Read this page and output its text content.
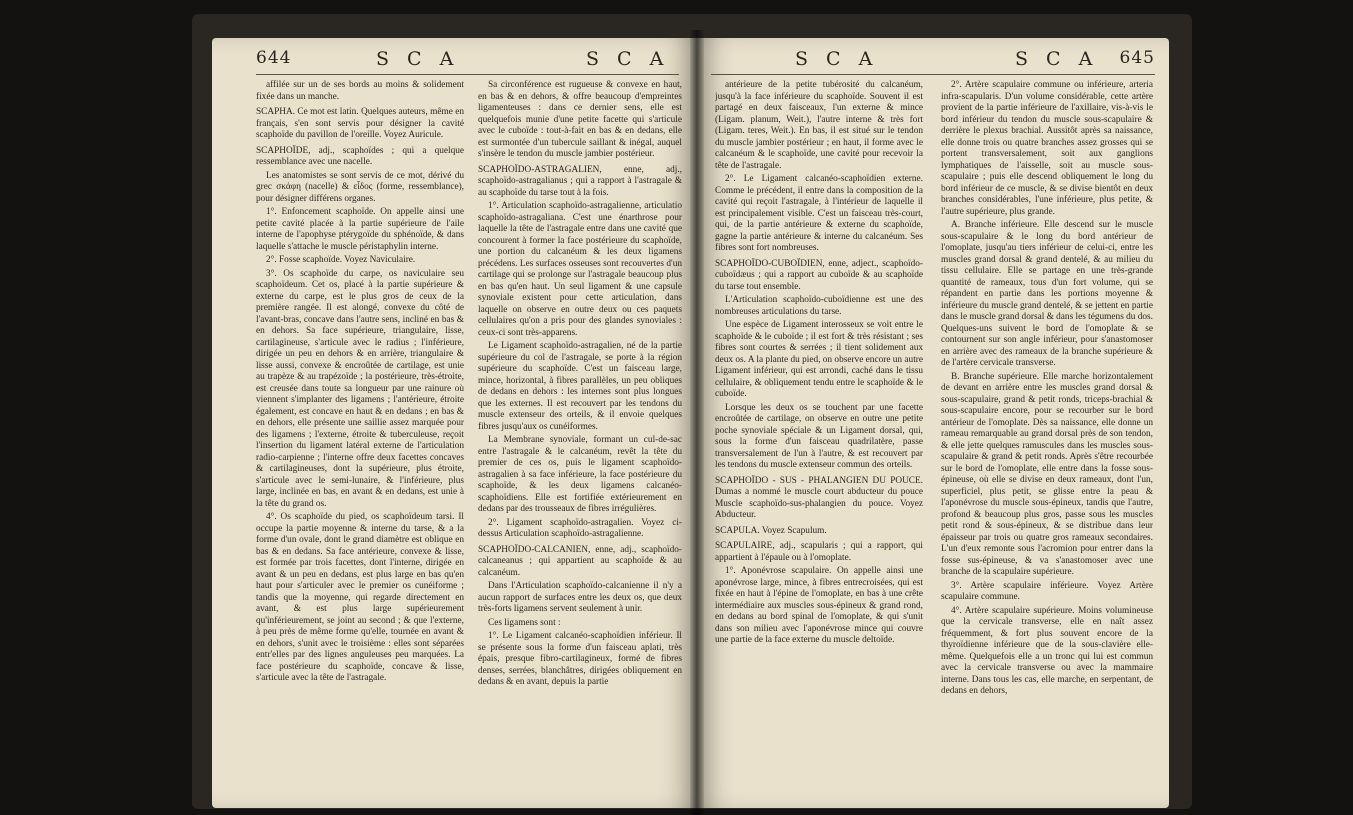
644	S C A	S C A

affilée sur un de ses bords au moins & solidement fixée dans un manche.

SCAPHA. Ce mot est latin. Quelques auteurs, même en français, s'en sont servis pour désigner la cavité scaphoïde du pavillon de l'oreille. Voyez Auricule.

SCAPHOÏDE, adj., scaphoïdes ; qui a quelque ressemblance avec une nacelle.

Les anatomistes se sont servis de ce mot, dérivé du grec σκάφη (nacelle) & εἶδος (forme, ressemblance), pour désigner différens organes.

1°. Enfoncement scaphoïde. On appelle ainsi une petite cavité placée à la partie supérieure de l'aile interne de l'apophyse ptérygoïde du sphénoïde, & dans laquelle s'attache le muscle péristaphylin interne.

2°. Fosse scaphoïde. Voyez Naviculaire.

3°. Os scaphoïde du carpe, os naviculaire seu scaphoïdeum. Cet os, placé à la partie supérieure & externe du carpe, est le plus gros de ceux de la première rangée. Il est alongé, convexe du côté de l'avant-bras, concave dans l'autre sens, incliné en bas & en dehors. Sa face supérieure, triangulaire, lisse, cartilagineuse, s'articule avec le radius ; l'inférieure, dirigée un peu en dehors & en arrière, triangulaire & lisse aussi, convexe & encroûtée de cartilage, est unie au trapèze & au trapézoïde ; la postérieure, très-étroite, est creusée dans toute sa longueur par une rainure où viennent s'implanter des ligamens ; l'antérieure, étroite également, est concave en haut & en dedans ; en bas & en dehors, elle présente une saillie assez marquée pour des ligamens ; l'externe, étroite & tuberculeuse, reçoit l'insertion du ligament latéral externe de l'articulation radio-carpienne ; l'interne offre deux facettes concaves & cartilagineuses, dont la supérieure, plus étroite, s'articule avec le semi-lunaire, & l'inférieure, plus large, inclinée en bas, en avant & en dedans, est unie à la tête du grand os.

4°. Os scaphoïde du pied, os scaphoïdeum tarsi. Il occupe la partie moyenne & interne du tarse, & a la forme d'un ovale, dont le grand diamètre est oblique en bas & en dedans. Sa face antérieure, convexe & lisse, est formée par trois facettes, dont l'interne, dirigée en avant & un peu en dedans, est plus large en bas qu'en haut pour s'articuler avec le premier os cunéiforme ; tandis que la moyenne, qui regarde directement en avant, & est plus large supérieurement qu'inférieurement, se joint au second ; & que l'externe, à peu près de même forme qu'elle, tournée en avant & en dehors, s'unit avec le troisième : elles sont séparées entr'elles par des lignes anguleuses peu marquées. La face postérieure du scaphoïde, concave & lisse, s'articule avec la tête de l'astragale.

Sa circonférence est rugueuse & convexe en haut, en bas & en dehors, & offre beaucoup d'empreintes ligamenteuses : dans ce dernier sens, elle est quelquefois munie d'une petite facette qui s'articule avec le cuboïde : tout-à-fait en bas & en dedans, elle est surmontée d'un tubercule saillant & inégal, auquel s'insère le tendon du muscle jambier postérieur.

SCAPHOÏDO-ASTRAGALIEN, enne, adj., scaphoïdo-astragalianus ; qui a rapport à l'astragale & au scaphoïde du tarse tout à la fois.

1°. Articulation scaphoïdo-astragalienne, articulatio scaphoïdo-astragaliana. C'est une énarthrose pour laquelle la tête de l'astragale entre dans une cavité que concourent à former la face postérieure du scaphoïde, une portion du calcanéum & les deux ligamens précédens. Les surfaces osseuses sont recouvertes d'un cartilage qui se prolonge sur l'astragale beaucoup plus en bas qu'en haut. Un seul ligament & une capsule synoviale existent pour cette articulation, dans laquelle on observe en outre deux ou ces paquets cellulaires qu'on a pris pour des glandes synoviales : ceux-ci sont très-apparens.

Le Ligament scaphoïdo-astragalien, né de la partie supérieure du col de l'astragale, se porte à la région supérieure du scaphoïde. C'est un faisceau large, mince, horizontal, à fibres parallèles, un peu obliques de dedans en dehors : les internes sont plus longues que les externes. Il est recouvert par les tendons du muscle extenseur des orteils, & il envoie quelques fibres jusqu'aux os cunéiformes.

La Membrane synoviale, formant un cul-de-sac entre l'astragale & le calcanéum, revêt la tête du premier de ces os, puis le ligament scaphoïdo-astragalien à sa face inférieure, la face postérieure du scaphoïde, & les deux ligamens calcanéo-scaphoïdiens. Elle est fortifiée extérieurement en dedans par des trousseaux de fibres irrégulières.

2°. Ligament scaphoïdo-astragalien. Voyez ci-dessus Articulation scaphoïdo-astragalienne.

SCAPHOÏDO-CALCANIEN, enne, adj., scaphoïdo-calcaneanus ; qui appartient au scaphoïde & au calcanéum.

Dans l'Articulation scaphoïdo-calcanienne il n'y a aucun rapport de surfaces entre les deux os, que deux très-forts ligamens servent seulement à unir.

Ces ligamens sont :

1°. Le Ligament calcanéo-scaphoïdien inférieur. Il se présente sous la forme d'un faisceau aplati, très épais, presque fibro-cartilagineux, formé de fibres denses, serrées, blanchâtres, dirigées obliquement en dedans & en avant, depuis la partie

S C A	S C A 645

antérieure de la petite tubérosité du calcanéum, jusqu'à la face inférieure du scaphoïde. Souvent il est partagé en deux faisceaux, l'un externe & mince (Ligam. planum, Weit.), l'autre interne & très fort (Ligam. teres, Weit.). En bas, il est situé sur le tendon du muscle jambier postérieur ; en haut, il forme avec le calcanéum & le scaphoïde, une cavité pour recevoir la tête de l'astragale.

2°. Le Ligament calcanéo-scaphoïdien externe. Comme le précédent, il entre dans la composition de la cavité qui reçoit l'astragale, à l'intérieur de laquelle il est principalement visible. C'est un faisceau très-court, qui, de la partie antérieure & externe du scaphoïde, gagne la partie antérieure & interne du calcanéum. Ses fibres sont fort nombreuses.

SCAPHOÏDO-CUBOÏDIEN, enne, adject., scaphoïdo-cuboïdæus ; qui a rapport au cuboïde & au scaphoïde du tarse tout ensemble.

L'Articulation scaphoïdo-cuboïdienne est une des nombreuses articulations du tarse.

Une espèce de Ligament interosseux se voit entre le scaphoïde & le cuboïde ; il est fort & très résistant ; ses fibres sont courtes & serrées ; il tient solidement aux deux os. A la plante du pied, on observe encore un autre Ligament inférieur, qui est arrondi, caché dans le tissu cellulaire, & obliquement tendu entre le scaphoïde & le cuboïde.

Lorsque les deux os se touchent par une facette encroûtée de cartilage, on observe en outre une petite poche synoviale spéciale & un Ligament dorsal, qui, sous la forme d'un faisceau quadrilatère, passe transversalement de l'un à l'autre, & est recouvert par les tendons du muscle extenseur commun des orteils.

SCAPHOÏDO - SUS - PHALANGIEN DU POUCE. Dumas a nommé le muscle court abducteur du pouce Muscle scaphoïdo-sus-phalangien du pouce. Voyez Abducteur.

SCAPULA. Voyez Scapulum.

SCAPULAIRE, adj., scapularis ; qui a rapport, qui appartient à l'épaule ou à l'omoplate.

1°. Aponévrose scapulaire. On appelle ainsi une aponévrose large, mince, à fibres entrecroisées, qui est fixée en haut à l'épine de l'omoplate, en bas à une crête intermédiaire aux muscles sous-épineux & grand rond, en dedans au bord spinal de l'omoplate, & qui s'unit dans son milieu avec l'aponévrose mince qui couvre une partie de la face externe du muscle deltoïde.

2°. Artère scapulaire commune ou inférieure, arteria infra-scapularis. D'un volume considérable, cette artère provient de la partie inférieure de l'axillaire, vis-à-vis le bord inférieur du tendon du muscle sous-scapulaire & derrière le plexus brachial. Aussitôt après sa naissance, elle donne trois ou quatre branches assez grosses qui se portent transversalement, soit aux ganglions lymphatiques de l'aisselle, soit au muscle sous-scapulaire ; puis elle descend obliquement le long du bord inférieur de ce muscle, & se divise bientôt en deux branches considérables, l'une inférieure, plus petite, & l'autre supérieure, plus grande.

A. Branche inférieure. Elle descend sur le muscle sous-scapulaire & le long du bord antérieur de l'omoplate, jusqu'au tiers inférieur de celui-ci, entre les muscles grand dorsal & grand dentelé, & au milieu du tissu cellulaire. Elle se partage en une très-grande quantité de rameaux, tous d'un fort volume, qui se répandent en partie dans les portions moyenne & inférieure du muscle grand dentelé, & se jettent en partie dans le muscle grand dorsal & dans les tégumens du dos. Quelques-uns suivent le bord de l'omoplate & se contournent sur son angle inférieur, pour s'anastomoser en arrière avec des rameaux de la branche supérieure & de l'artère cervicale transverse.

B. Branche supérieure. Elle marche horizontalement de devant en arrière entre les muscles grand dorsal & sous-scapulaire, grand & petit ronds, triceps-brachial & sous-scapulaire encore, pour se recourber sur le bord antérieur de l'omoplate. Dès sa naissance, elle donne un rameau remarquable au grand dorsal près de son tendon, & elle jette quelques ramuscules dans les muscles sous-scapulaire & grand & petit ronds. Après s'être recourbée sur le bord de l'omoplate, elle entre dans la fosse sous-épineuse, où elle se divise en deux rameaux, dont l'un, superficiel, plus petit, se glisse entre la peau & l'aponévrose du muscle sous-épineux, tandis que l'autre, profond & beaucoup plus gros, passe sous les muscles petit rond & sous-épineux, & se distribue dans leur épaisseur par trois ou quatre gros rameaux secondaires. L'un d'eux remonte sous l'acromion pour entrer dans la fosse sus-épineuse, & va s'anastomoser avec une branche de la scapulaire supérieure.

3°. Artère scapulaire inférieure. Voyez Artère scapulaire commune.

4°. Artère scapulaire supérieure. Moins volumineuse que la cervicale transverse, elle en naît assez fréquemment, & fort plus souvent encore de la thyroïdienne inférieure que de la sous-clavière elle-même. Quelquefois elle a un tronc qui lui est commun avec la cervicale transverse ou avec la mammaire interne. Dans tous les cas, elle marche, en serpentant, de dedans en dehors,
